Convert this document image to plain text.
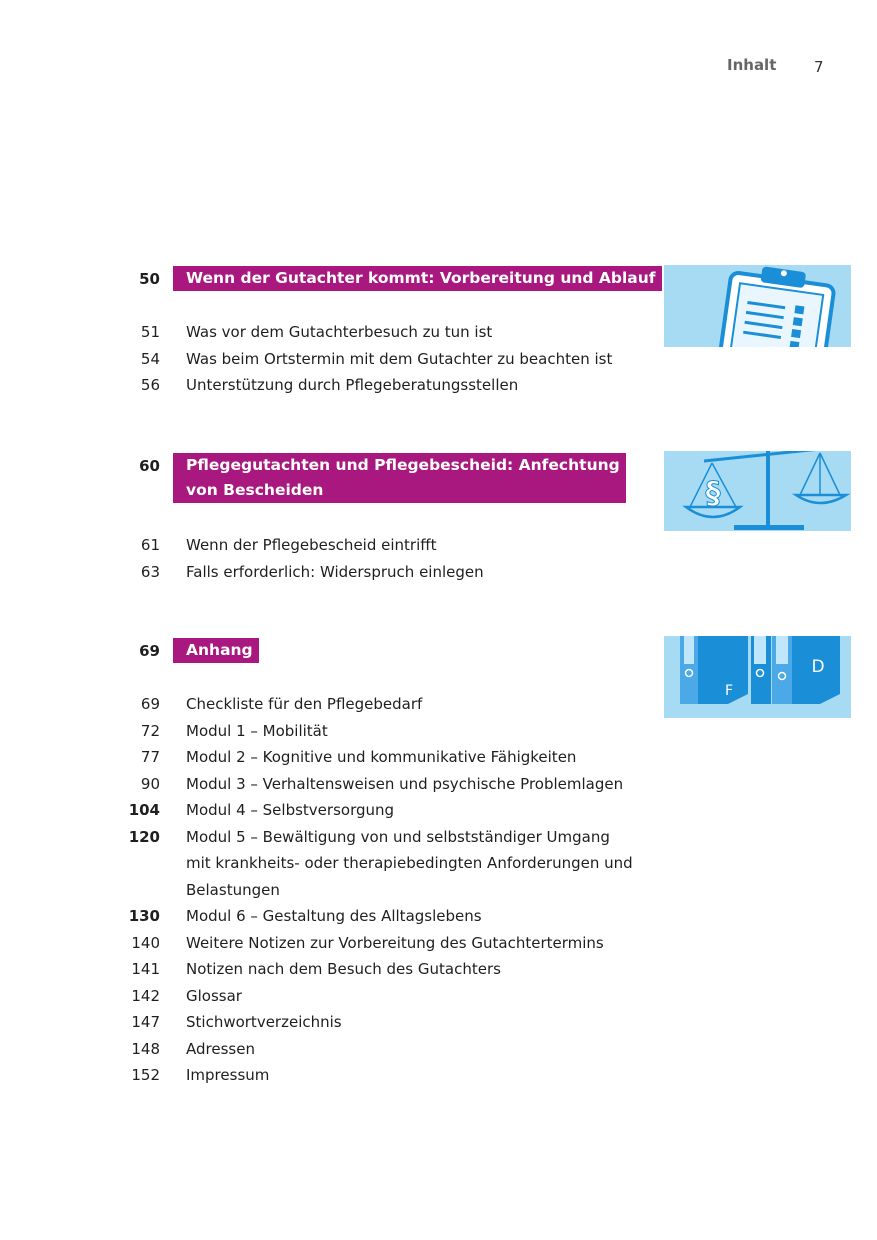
Inhalt	7
50 Wenn der Gutachter kommt: Vorbereitung und Ablauf
51 Was vor dem Gutachterbesuch zu tun ist
54 Was beim Ortstermin mit dem Gutachter zu beachten ist
56 Unterstützung durch Pflegeberatungsstellen
60 Pflegegutachten und Pflegebescheid: Anfechtung
von Bescheiden
61 Wenn der Pflegebescheid eintrifft
63 Falls erforderlich: Widerspruch einlegen
§
69 Anhang
69 Checkliste für den Pflegebedarf
72 Modul 1 – Mobilität
77 Modul 2 – Kognitive und kommunikative Fähigkeiten
90 Modul 3 – Verhaltensweisen und psychische Problemlagen
104 Modul 4 – Selbstversorgung
120 Modul 5 – Bewältigung von und selbstständiger Umgang
mit krankheits- oder therapiebedingten Anforderungen und
Belastungen
130 Modul 6 – Gestaltung des Alltagslebens
140 Weitere Notizen zur Vorbereitung des Gutachtertermins
141 Notizen nach dem Besuch des Gutachters
142 Glossar
147 Stichwortverzeichnis
148 Adressen
152 Impressum
F
D
